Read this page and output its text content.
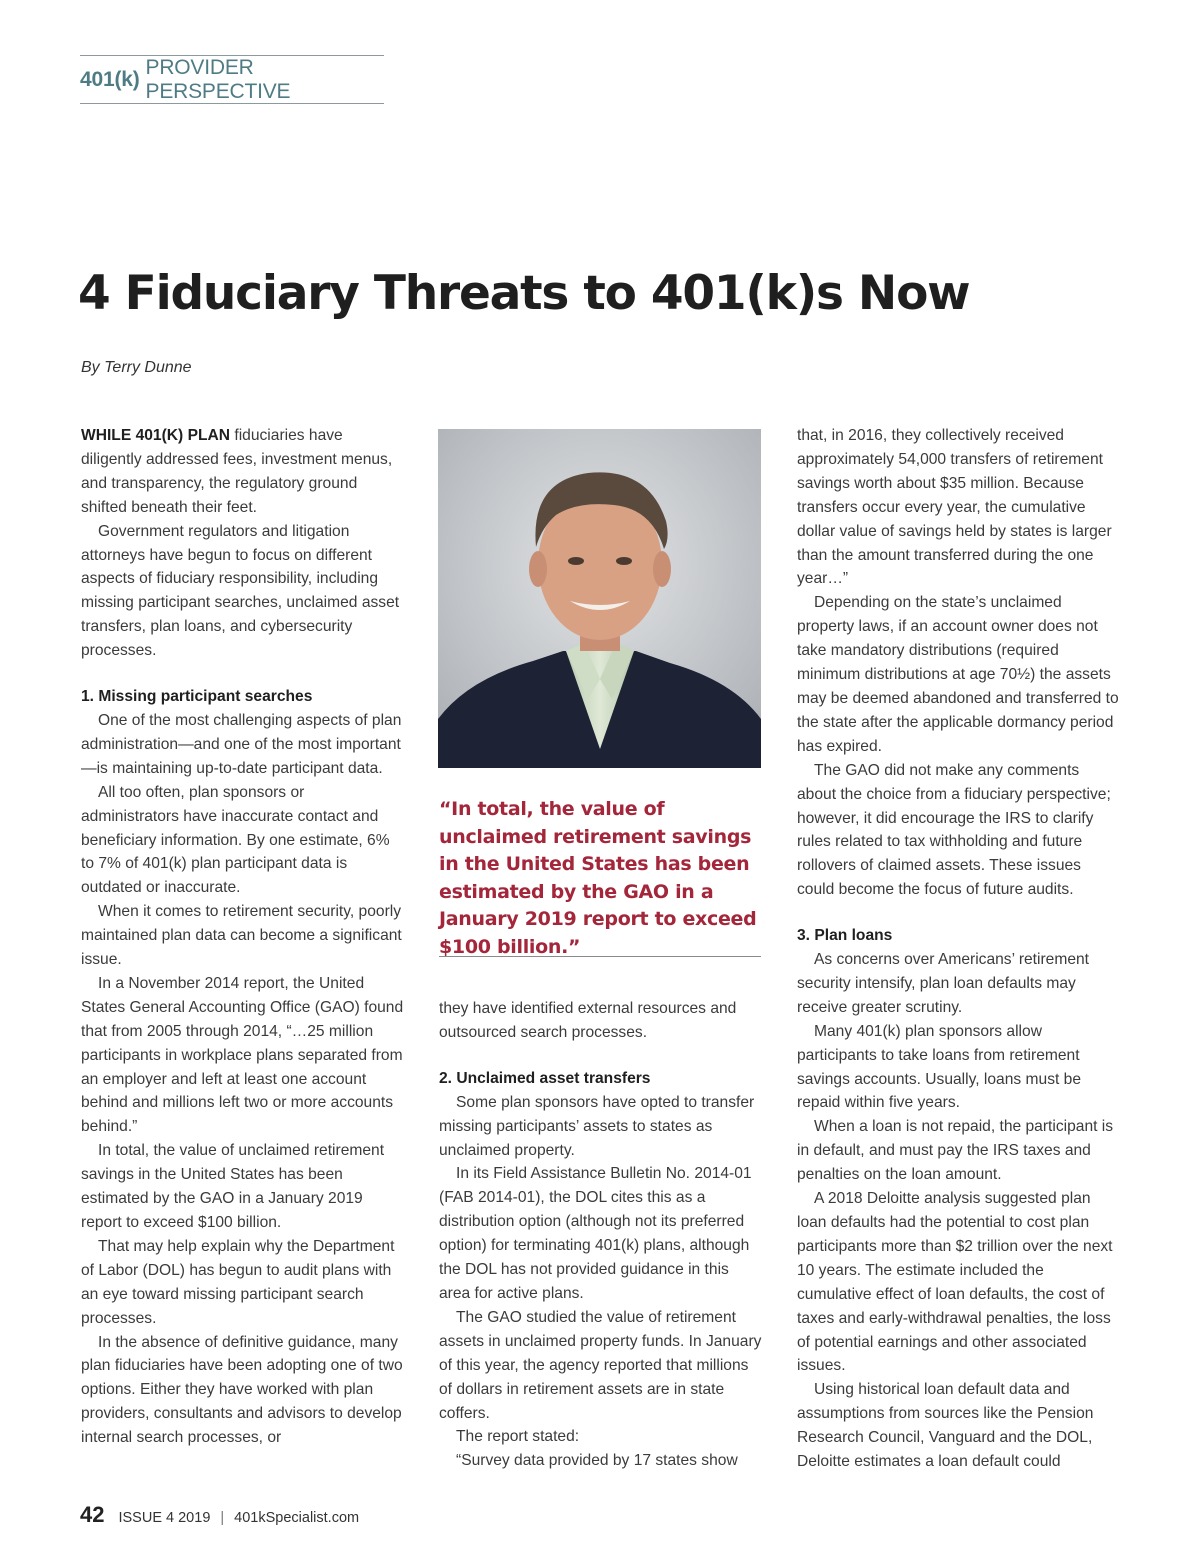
401(k)
PROVIDER PERSPECTIVE
4 Fiduciary Threats to 401(k)s Now
By Terry Dunne

WHILE 401(K) PLAN fiduciaries have diligently addressed fees, investment menus, and transparency, the regulatory ground shifted beneath their feet.

Government regulators and litigation attorneys have begun to focus on different aspects of fiduciary responsibility, including missing participant searches, unclaimed asset transfers, plan loans, and cybersecurity processes.

1. Missing participant searches

One of the most challenging aspects of plan administration—and one of the most important—is maintaining up-to-date participant data.

All too often, plan sponsors or administrators have inaccurate contact and beneficiary information. By one estimate, 6% to 7% of 401(k) plan participant data is outdated or inaccurate.

When it comes to retirement security, poorly maintained plan data can become a significant issue.

In a November 2014 report, the United States General Accounting Office (GAO) found that from 2005 through 2014, “…25 million participants in workplace plans separated from an employer and left at least one account behind and millions left two or more accounts behind.”

In total, the value of unclaimed retirement savings in the United States has been estimated by the GAO in a January 2019 report to exceed $100 billion.

That may help explain why the Department of Labor (DOL) has begun to audit plans with an eye toward missing participant search processes.

In the absence of definitive guidance, many plan fiduciaries have been adopting one of two options. Either they have worked with plan providers, consultants and advisors to develop internal search processes, or

“In total, the value of unclaimed retirement savings in the United States has been estimated by the GAO in a January 2019 report to exceed $100 billion.”

they have identified external resources and outsourced search processes.

2. Unclaimed asset transfers

Some plan sponsors have opted to transfer missing participants’ assets to states as unclaimed property.

In its Field Assistance Bulletin No. 2014-01 (FAB 2014-01), the DOL cites this as a distribution option (although not its preferred option) for terminating 401(k) plans, although the DOL has not provided guidance in this area for active plans.

The GAO studied the value of retirement assets in unclaimed property funds. In January of this year, the agency reported that millions of dollars in retirement assets are in state coffers.

The report stated:

“Survey data provided by 17 states show

that, in 2016, they collectively received approximately 54,000 transfers of retirement savings worth about $35 million. Because transfers occur every year, the cumulative dollar value of savings held by states is larger than the amount transferred during the one year…”

Depending on the state’s unclaimed property laws, if an account owner does not take mandatory distributions (required minimum distributions at age 70½) the assets may be deemed abandoned and transferred to the state after the applicable dormancy period has expired.

The GAO did not make any comments about the choice from a fiduciary perspective; however, it did encourage the IRS to clarify rules related to tax withholding and future rollovers of claimed assets. These issues could become the focus of future audits.

3. Plan loans

As concerns over Americans’ retirement security intensify, plan loan defaults may receive greater scrutiny.

Many 401(k) plan sponsors allow participants to take loans from retirement savings accounts. Usually, loans must be repaid within five years.

When a loan is not repaid, the participant is in default, and must pay the IRS taxes and penalties on the loan amount.

A 2018 Deloitte analysis suggested plan loan defaults had the potential to cost plan participants more than $2 trillion over the next 10 years. The estimate included the cumulative effect of loan defaults, the cost of taxes and early-withdrawal penalties, the loss of potential earnings and other associated issues.

Using historical loan default data and assumptions from sources like the Pension Research Council, Vanguard and the DOL, Deloitte estimates a loan default could

42 ISSUE 4 2019 | 401kSpecialist.com
